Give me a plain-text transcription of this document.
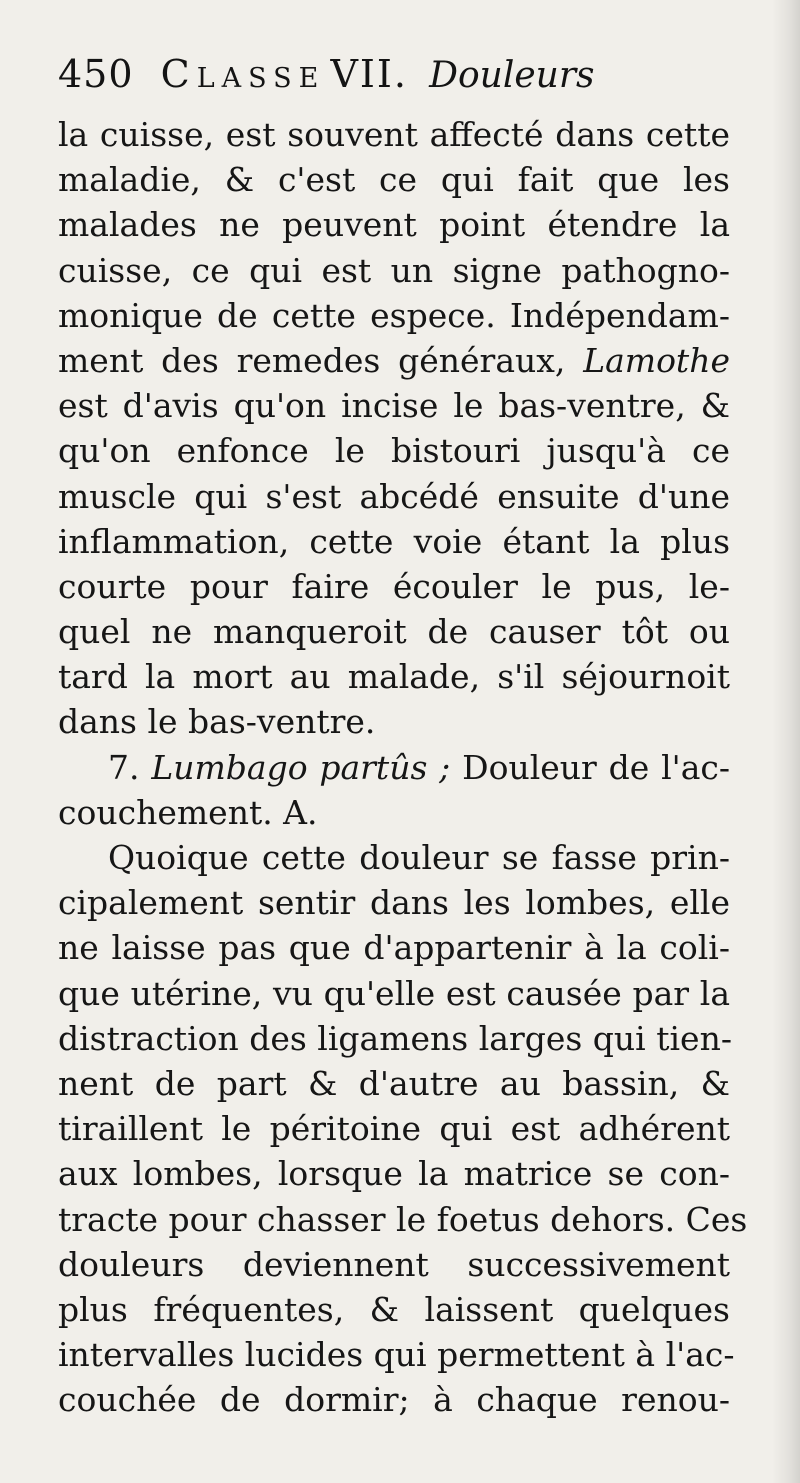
450 Classe VII. Douleurs
la cuisse, est souvent affecté dans cette
maladie, & c'est ce qui fait que les
malades ne peuvent point étendre la
cuisse, ce qui est un signe pathogno-
monique de cette espece. Indépendam-
ment des remedes généraux, Lamothe
est d'avis qu'on incise le bas-ventre, &
qu'on enfonce le bistouri jusqu'à ce
muscle qui s'est abcédé ensuite d'une
inflammation, cette voie étant la plus
courte pour faire écouler le pus, le-
quel ne manqueroit de causer tôt ou
tard la mort au malade, s'il séjournoit
dans le bas-ventre.
7. Lumbago partûs ; Douleur de l'ac-
couchement. A.
Quoique cette douleur se fasse prin-
cipalement sentir dans les lombes, elle
ne laisse pas que d'appartenir à la coli-
que utérine, vu qu'elle est causée par la
distraction des ligamens larges qui tien-
nent de part & d'autre au bassin, &
tiraillent le péritoine qui est adhérent
aux lombes, lorsque la matrice se con-
tracte pour chasser le foetus dehors. Ces
douleurs deviennent successivement
plus fréquentes, & laissent quelques
intervalles lucides qui permettent à l'ac-
couchée de dormir; à chaque renou-
